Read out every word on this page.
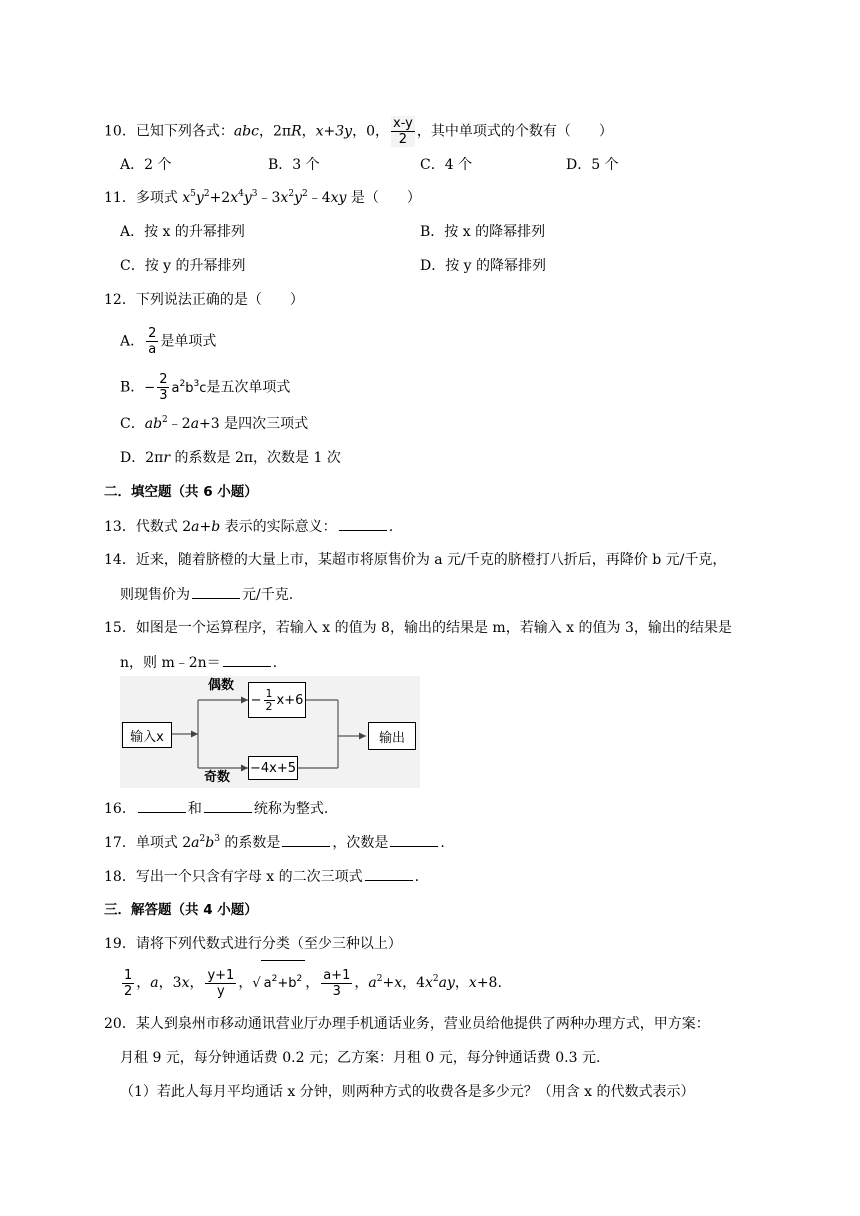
10．已知下列各式：abc，2πR，x+3y，0， $\frac{x-y}{2}$ ，其中单项式的个数有（　　）
A．2 个	B．3 个	C．4 个	D．5 个
11．多项式 $x^5y^2+2x^4y^3﹣3x^2y^2﹣4xy$ 是（　　）
A．按 x 的升幂排列	B．按 x 的降幂排列
C．按 y 的升幂排列	D．按 y 的降幂排列
12．下列说法正确的是（　　）
A． $\frac{2}{a}$ 是单项式
B．− $\frac{2}{3} a^2b^3c$是五次单项式
C．$ab^2﹣2a+3$ 是四次三项式
D．2πr 的系数是 2π，次数是 1 次
二．填空题（共 6 小题）
13．代数式 2a+b 表示的实际意义：	.
14．近来，随着脐橙的大量上市，某超市将原售价为 a 元/千克的脐橙打八折后，再降价 b 元/千克，
则现售价为	元/千克.
15．如图是一个运算程序，若输入 x 的值为 8，输出的结果是 m，若输入 x 的值为 3，输出的结果是
n，则 m﹣2n＝	.
输入x
偶数
奇数
− $\frac{1}{2} x+6$
− 4x+5
输出
16．	和	统称为整式.
17．单项式 $2a^2b^3$ 的系数是	，次数是	.
18．写出一个只含有字母 x 的二次三项式	.
三．解答题（共 4 小题）
19．请将下列代数式进行分类（至少三种以上）
$\frac{1}{2}$ ，a，3x， $\frac{y+1}{y}$ ，√ $a^2+b^2$ ， $\frac{a+1}{3}$ ，$a^2+x$，$4x^2ay$，x+8.
20．某人到泉州市移动通讯营业厅办理手机通话业务，营业员给他提供了两种办理方式，甲方案：
月租 9 元，每分钟通话费 0.2 元；乙方案：月租 0 元，每分钟通话费 0.3 元.
（1）若此人每月平均通话 x 分钟，则两种方式的收费各是多少元？（用含 x 的代数式表示）
